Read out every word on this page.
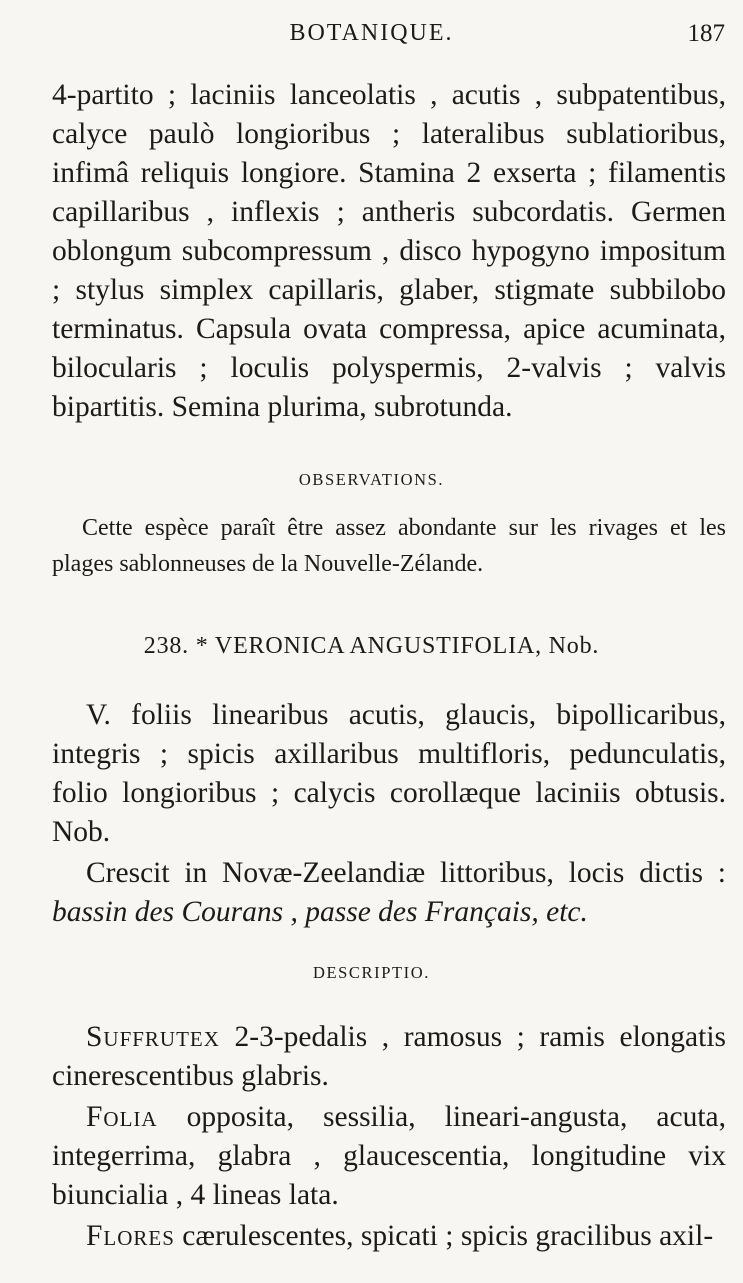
BOTANIQUE.	187

4-partito ; laciniis lanceolatis , acutis , subpatentibus, calyce paulò longioribus ; lateralibus sublatioribus, infimâ reliquis longiore. Stamina 2 exserta ; filamentis capillaribus , inflexis ; antheris subcordatis. Germen oblongum subcompressum , disco hypogyno impositum ; stylus simplex capillaris, glaber, stigmate subbilobo terminatus. Capsula ovata compressa, apice acuminata, bilocularis ; loculis polyspermis, 2-valvis ; valvis bipartitis. Semina plurima, subrotunda.

OBSERVATIONS.

Cette espèce paraît être assez abondante sur les rivages et les plages sablonneuses de la Nouvelle-Zélande.

238. * VERONICA ANGUSTIFOLIA, Nob.

V. foliis linearibus acutis, glaucis, bipollicaribus, integris ; spicis axillaribus multifloris, pedunculatis, folio longioribus ; calycis corollæque laciniis obtusis. Nob.

Crescit in Novæ-Zeelandiæ littoribus, locis dictis : bassin des Courans , passe des Français, etc.

DESCRIPTIO.

Suffrutex 2-3-pedalis , ramosus ; ramis elongatis cinerescentibus glabris.

Folia opposita, sessilia, lineari-angusta, acuta, integerrima, glabra , glaucescentia, longitudine vix biuncialia , 4 lineas lata.

Flores cærulescentes, spicati ; spicis gracilibus axil-
